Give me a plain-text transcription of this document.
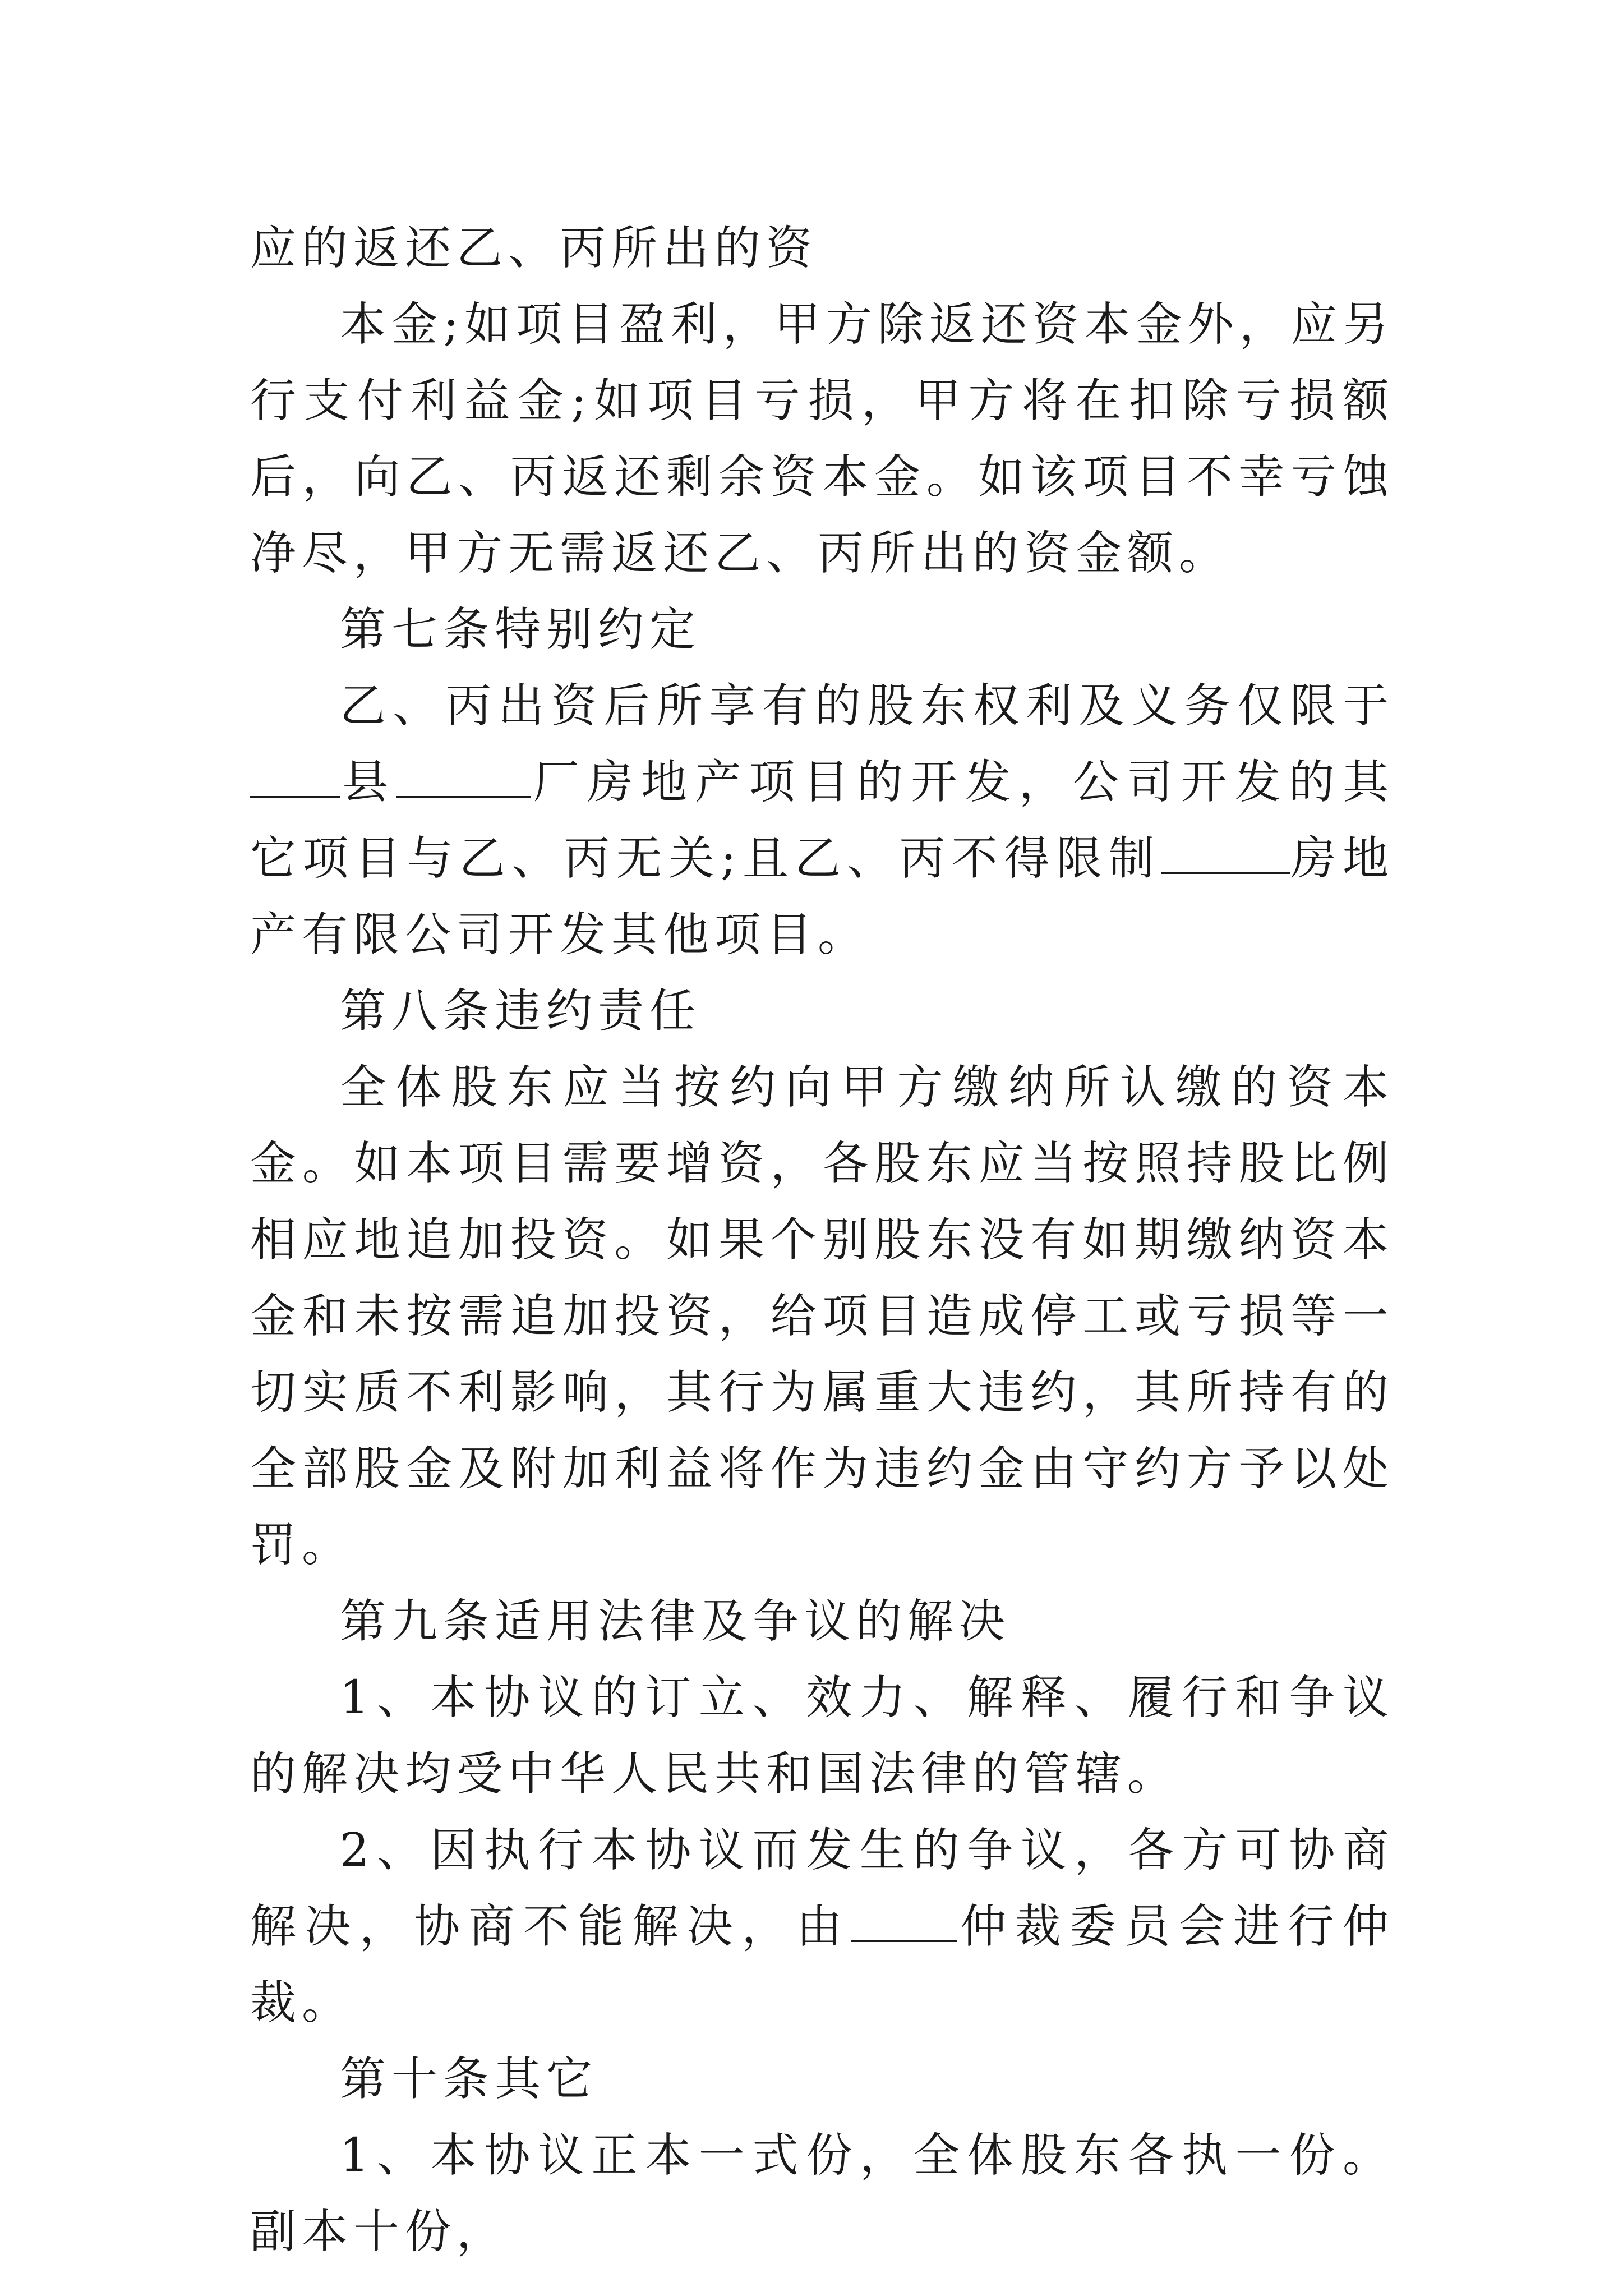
应的返还乙、丙所出的资

本金;如项目盈利，甲方除返还资本金外，应另行支付利益金;如项目亏损，甲方将在扣除亏损额后，向乙、丙返还剩余资本金。如该项目不幸亏蚀净尽，甲方无需返还乙、丙所出的资金额。

第七条特别约定

乙、丙出资后所享有的股东权利及义务仅限于县	厂房地产项目的开发，公司开发的其它项目与乙、丙无关;且乙、丙不得限制	房地产有限公司开发其他项目。

第八条违约责任

全体股东应当按约向甲方缴纳所认缴的资本金。如本项目需要增资，各股东应当按照持股比例相应地追加投资。如果个别股东没有如期缴纳资本金和未按需追加投资，给项目造成停工或亏损等一切实质不利影响，其行为属重大违约，其所持有的全部股金及附加利益将作为违约金由守约方予以处罚。

第九条适用法律及争议的解决

1、本协议的订立、效力、解释、履行和争议的解决均受中华人民共和国法律的管辖。

2、因执行本协议而发生的争议，各方可协商解决，协商不能解决，由 仲裁委员会进行仲裁。

第十条其它

1、本协议正本一式份，全体股东各执一份。副本十份，
